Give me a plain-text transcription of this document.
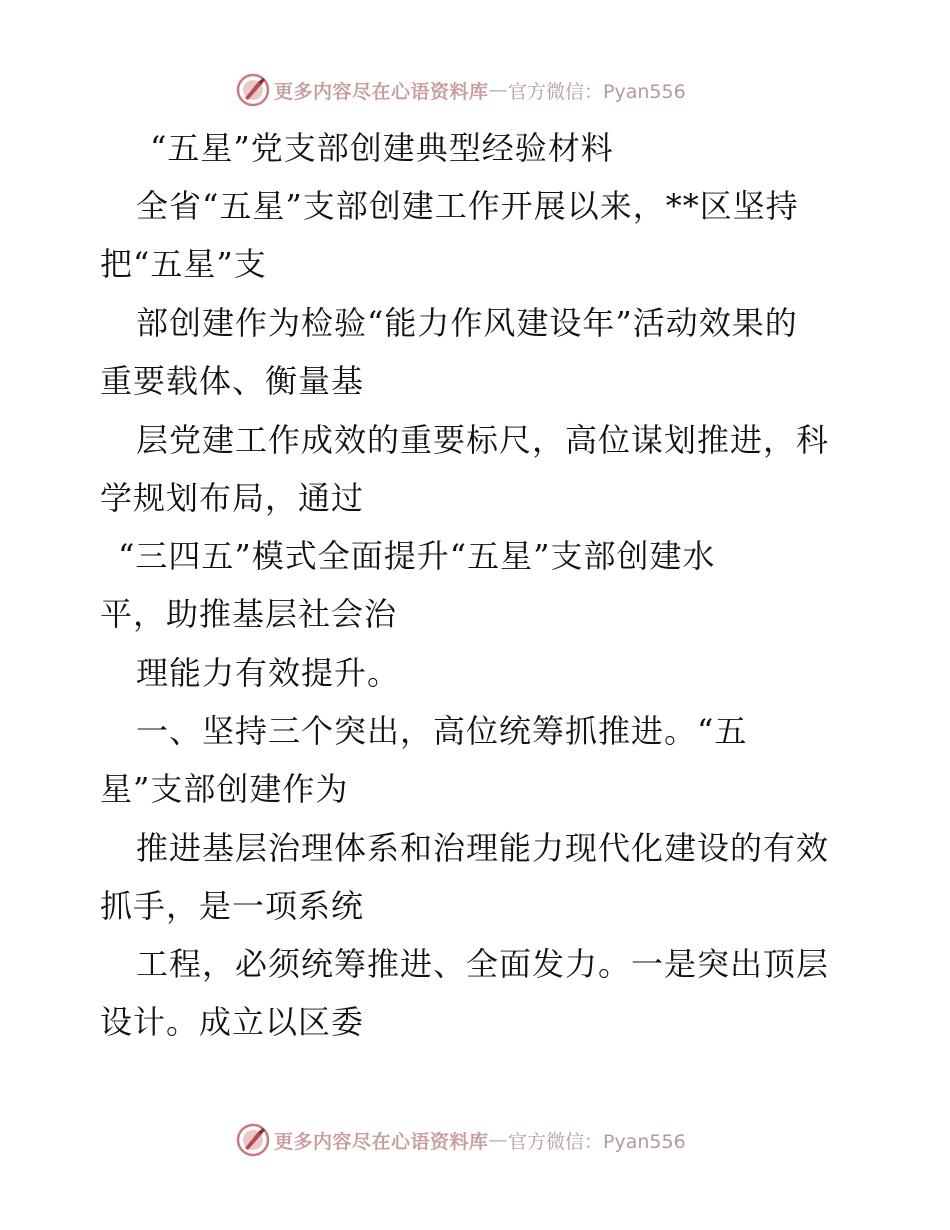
更多内容尽在心语资料库 — 官方微信：Pyan556
“五星”党支部创建典型经验材料
全省“五星”支部创建工作开展以来，**区坚持
把“五星”支
部创建作为检验“能力作风建设年”活动效果的
重要载体、衡量基
层党建工作成效的重要标尺，高位谋划推进，科
学规划布局，通过
“三四五”模式全面提升“五星”支部创建水
平，助推基层社会治
理能力有效提升。
一、坚持三个突出，高位统筹抓推进。“五
星”支部创建作为
推进基层治理体系和治理能力现代化建设的有效
抓手，是一项系统
工程，必须统筹推进、全面发力。一是突出顶层
设计。成立以区委
更多内容尽在心语资料库 — 官方微信：Pyan556
